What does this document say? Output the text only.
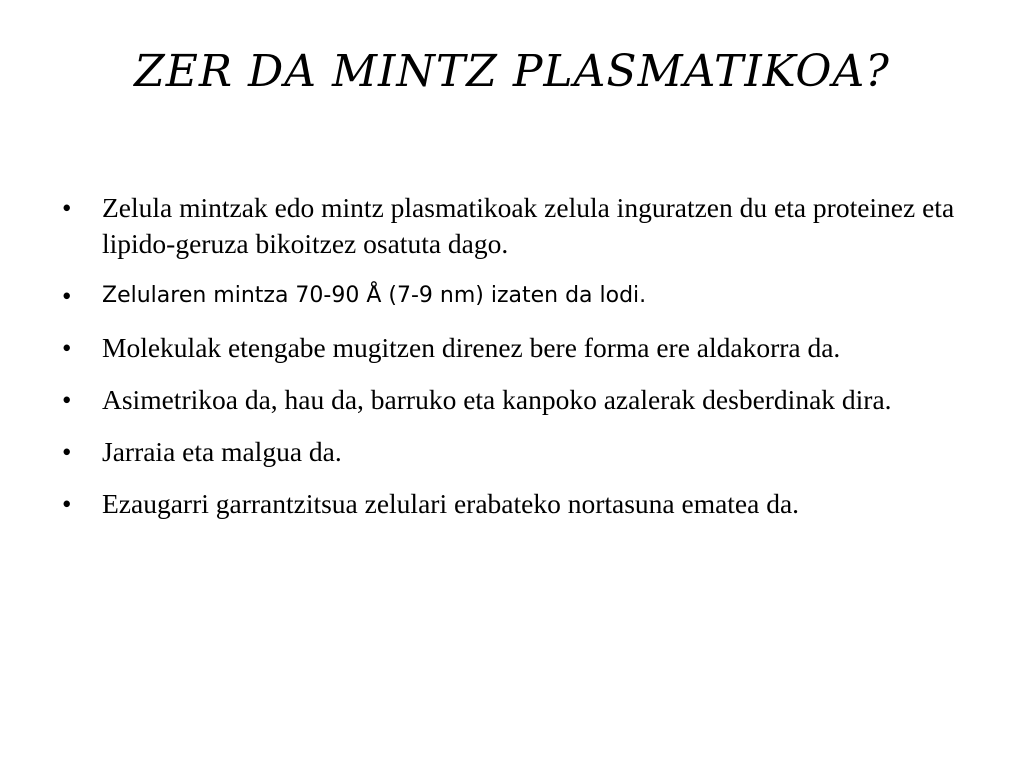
ZER DA MINTZ PLASMATIKOA?
•	Zelula mintzak edo mintz plasmatikoak zelula inguratzen du eta proteinez eta lipido-geruza bikoitzez osatuta dago.
•	Zelularen mintza 70-90 Å (7-9 nm) izaten da lodi.
•	Molekulak etengabe mugitzen direnez bere forma ere aldakorra da.
•	Asimetrikoa da, hau da, barruko eta kanpoko azalerak desberdinak dira.
•	Jarraia eta malgua da.
•	Ezaugarri garrantzitsua zelulari erabateko nortasuna ematea da.
